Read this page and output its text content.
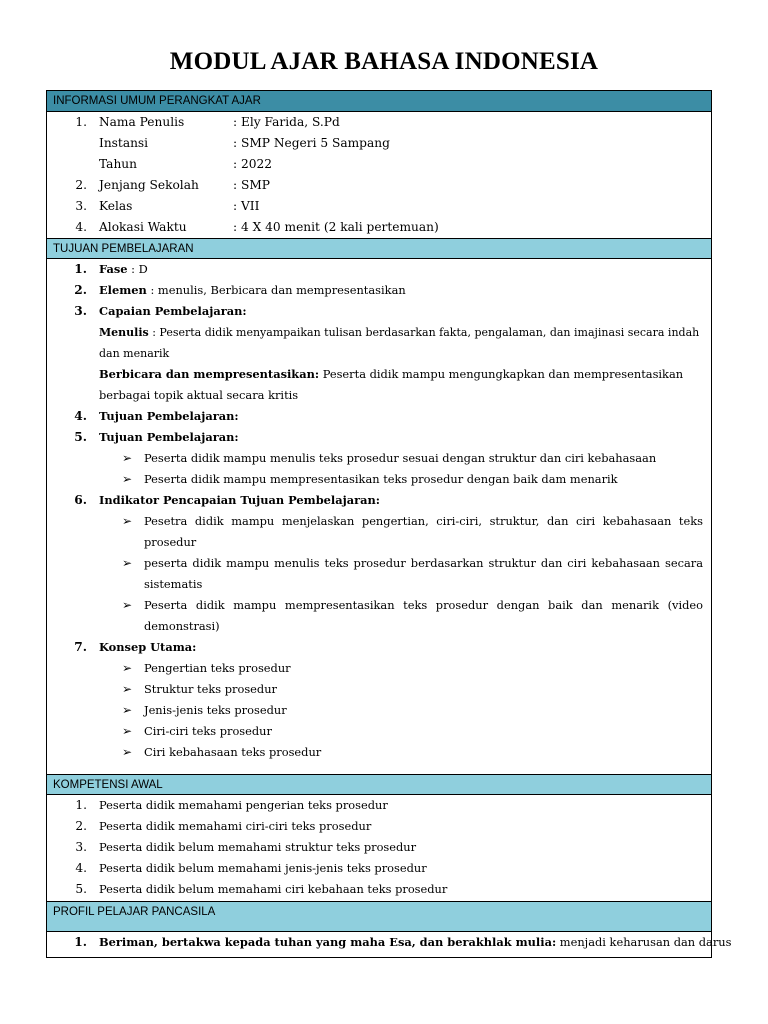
MODUL AJAR BAHASA INDONESIA
INFORMASI UMUM PERANGKAT AJAR
1. Nama Penulis	: Ely Farida, S.Pd
Instansi	: SMP Negeri 5 Sampang
Tahun	: 2022
2. Jenjang Sekolah	: SMP
3. Kelas	: VII
4. Alokasi Waktu	: 4 X 40 menit (2 kali pertemuan)
TUJUAN PEMBELAJARAN
1. Fase : D
2. Elemen : menulis, Berbicara dan mempresentasikan
3. Capaian Pembelajaran:
Menulis : Peserta didik menyampaikan tulisan berdasarkan fakta, pengalaman, dan imajinasi secara indah
dan menarik
Berbicara dan mempresentasikan: Peserta didik mampu mengungkapkan dan mempresentasikan
berbagai topik aktual secara kritis
4. Tujuan Pembelajaran:
5. Tujuan Pembelajaran:
➢	Peserta didik mampu menulis teks prosedur sesuai dengan struktur dan ciri kebahasaan
➢	Peserta didik mampu mempresentasikan teks prosedur dengan baik dam menarik
6. Indikator Pencapaian Tujuan Pembelajaran:
➢	Pesetra didik mampu menjelaskan pengertian, ciri-ciri, struktur, dan ciri kebahasaan teks
prosedur
➢	peserta didik mampu menulis teks prosedur berdasarkan struktur dan ciri kebahasaan secara
sistematis
➢	Peserta didik mampu mempresentasikan teks prosedur dengan baik dan menarik (video
demonstrasi)
7. Konsep Utama:
➢	Pengertian teks prosedur
➢	Struktur teks prosedur
➢	Jenis-jenis teks prosedur
➢	Ciri-ciri teks prosedur
➢	Ciri kebahasaan teks prosedur
KOMPETENSI AWAL
1. Peserta didik memahami pengerian teks prosedur
2. Peserta didik memahami ciri-ciri teks prosedur
3. Peserta didik belum memahami struktur teks prosedur
4. Peserta didik belum memahami jenis-jenis teks prosedur
5. Peserta didik belum memahami ciri kebahaan teks prosedur
PROFIL PELAJAR PANCASILA
1. Beriman, bertakwa kepada tuhan yang maha Esa, dan berakhlak mulia: menjadi keharusan dan darus
